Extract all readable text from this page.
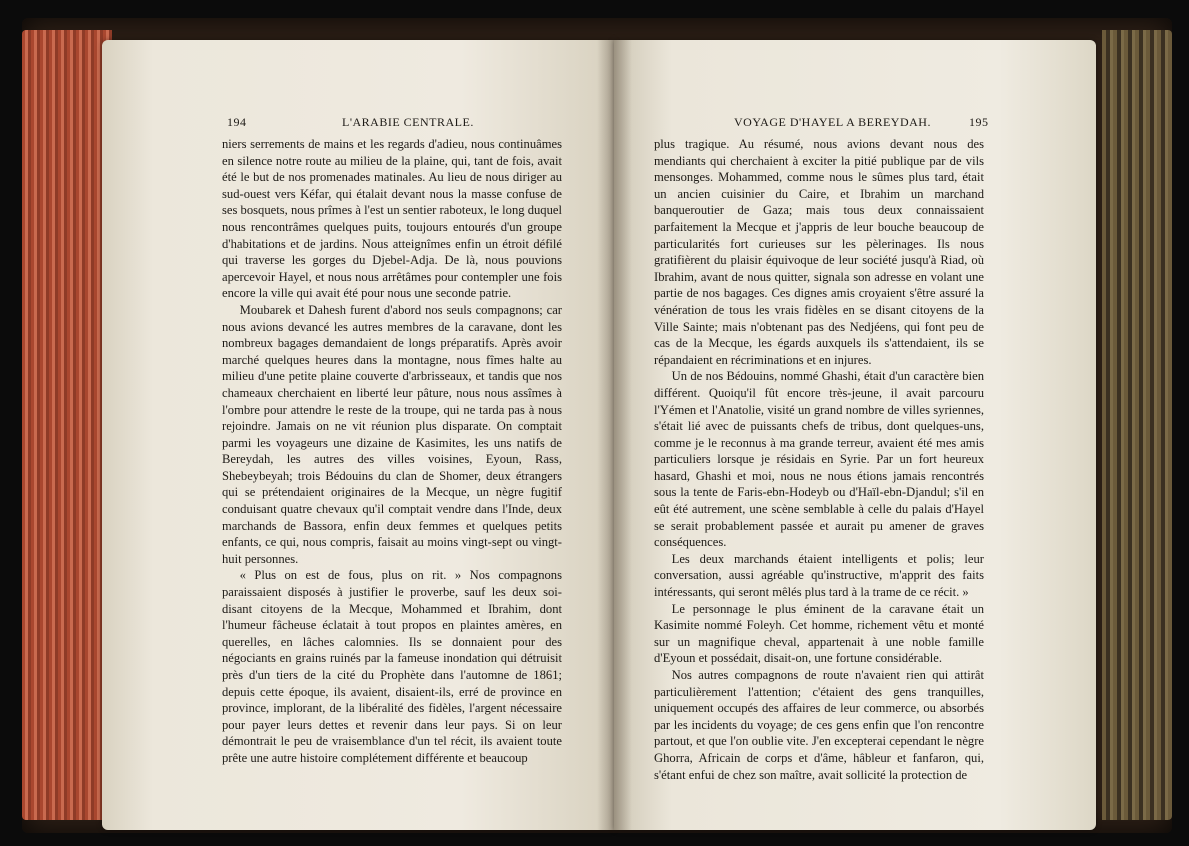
194	L'ARABIE CENTRALE.

niers serrements de mains et les regards d'adieu, nous continuâmes en silence notre route au milieu de la plaine, qui, tant de fois, avait été le but de nos promenades matinales. Au lieu de nous diriger au sud-ouest vers Kéfar, qui étalait devant nous la masse confuse de ses bosquets, nous prîmes à l'est un sentier raboteux, le long duquel nous rencontrâmes quelques puits, toujours entourés d'un groupe d'habitations et de jardins. Nous atteignîmes enfin un étroit défilé qui traverse les gorges du Djebel-Adja. De là, nous pouvions apercevoir Hayel, et nous nous arrêtâmes pour contempler une fois encore la ville qui avait été pour nous une seconde patrie.

Moubarek et Dahesh furent d'abord nos seuls compagnons; car nous avions devancé les autres membres de la caravane, dont les nombreux bagages demandaient de longs préparatifs. Après avoir marché quelques heures dans la montagne, nous fîmes halte au milieu d'une petite plaine couverte d'arbrisseaux, et tandis que nos chameaux cherchaient en liberté leur pâture, nous nous assîmes à l'ombre pour attendre le reste de la troupe, qui ne tarda pas à nous rejoindre. Jamais on ne vit réunion plus disparate. On comptait parmi les voyageurs une dizaine de Kasimites, les uns natifs de Bereydah, les autres des villes voisines, Eyoun, Rass, Shebeybeyah; trois Bédouins du clan de Shomer, deux étrangers qui se prétendaient originaires de la Mecque, un nègre fugitif conduisant quatre chevaux qu'il comptait vendre dans l'Inde, deux marchands de Bassora, enfin deux femmes et quelques petits enfants, ce qui, nous compris, faisait au moins vingt-sept ou vingt-huit personnes.

« Plus on est de fous, plus on rit. » Nos compagnons paraissaient disposés à justifier le proverbe, sauf les deux soi-disant citoyens de la Mecque, Mohammed et Ibrahim, dont l'humeur fâcheuse éclatait à tout propos en plaintes amères, en querelles, en lâches calomnies. Ils se donnaient pour des négociants en grains ruinés par la fameuse inondation qui détruisit près d'un tiers de la cité du Prophète dans l'automne de 1861; depuis cette époque, ils avaient, disaient-ils, erré de province en province, implorant, de la libéralité des fidèles, l'argent nécessaire pour payer leurs dettes et revenir dans leur pays. Si on leur démontrait le peu de vraisemblance d'un tel récit, ils avaient toute prête une autre histoire complétement différente et beaucoup

VOYAGE D'HAYEL A BEREYDAH.	195

plus tragique. Au résumé, nous avions devant nous des mendiants qui cherchaient à exciter la pitié publique par de vils mensonges. Mohammed, comme nous le sûmes plus tard, était un ancien cuisinier du Caire, et Ibrahim un marchand banqueroutier de Gaza; mais tous deux connaissaient parfaitement la Mecque et j'appris de leur bouche beaucoup de particularités fort curieuses sur les pèlerinages. Ils nous gratifièrent du plaisir équivoque de leur société jusqu'à Riad, où Ibrahim, avant de nous quitter, signala son adresse en volant une partie de nos bagages. Ces dignes amis croyaient s'être assuré la vénération de tous les vrais fidèles en se disant citoyens de la Ville Sainte; mais n'obtenant pas des Nedjéens, qui font peu de cas de la Mecque, les égards auxquels ils s'attendaient, ils se répandaient en récriminations et en injures.

Un de nos Bédouins, nommé Ghashi, était d'un caractère bien différent. Quoiqu'il fût encore très-jeune, il avait parcouru l'Yémen et l'Anatolie, visité un grand nombre de villes syriennes, s'était lié avec de puissants chefs de tribus, dont quelques-uns, comme je le reconnus à ma grande terreur, avaient été mes amis particuliers lorsque je résidais en Syrie. Par un fort heureux hasard, Ghashi et moi, nous ne nous étions jamais rencontrés sous la tente de Faris-ebn-Hodeyb ou d'Haïl-ebn-Djandul; s'il en eût été autrement, une scène semblable à celle du palais d'Hayel se serait probablement passée et aurait pu amener de graves conséquences.

Les deux marchands étaient intelligents et polis; leur conversation, aussi agréable qu'instructive, m'apprit des faits intéressants, qui seront mêlés plus tard à la trame de ce récit. »

Le personnage le plus éminent de la caravane était un Kasimite nommé Foleyh. Cet homme, richement vêtu et monté sur un magnifique cheval, appartenait à une noble famille d'Eyoun et possédait, disait-on, une fortune considérable.

Nos autres compagnons de route n'avaient rien qui attirât particulièrement l'attention; c'étaient des gens tranquilles, uniquement occupés des affaires de leur commerce, ou absorbés par les incidents du voyage; de ces gens enfin que l'on rencontre partout, et que l'on oublie vite. J'en excepterai cependant le nègre Ghorra, Africain de corps et d'âme, hâbleur et fanfaron, qui, s'étant enfui de chez son maître, avait sollicité la protection de
